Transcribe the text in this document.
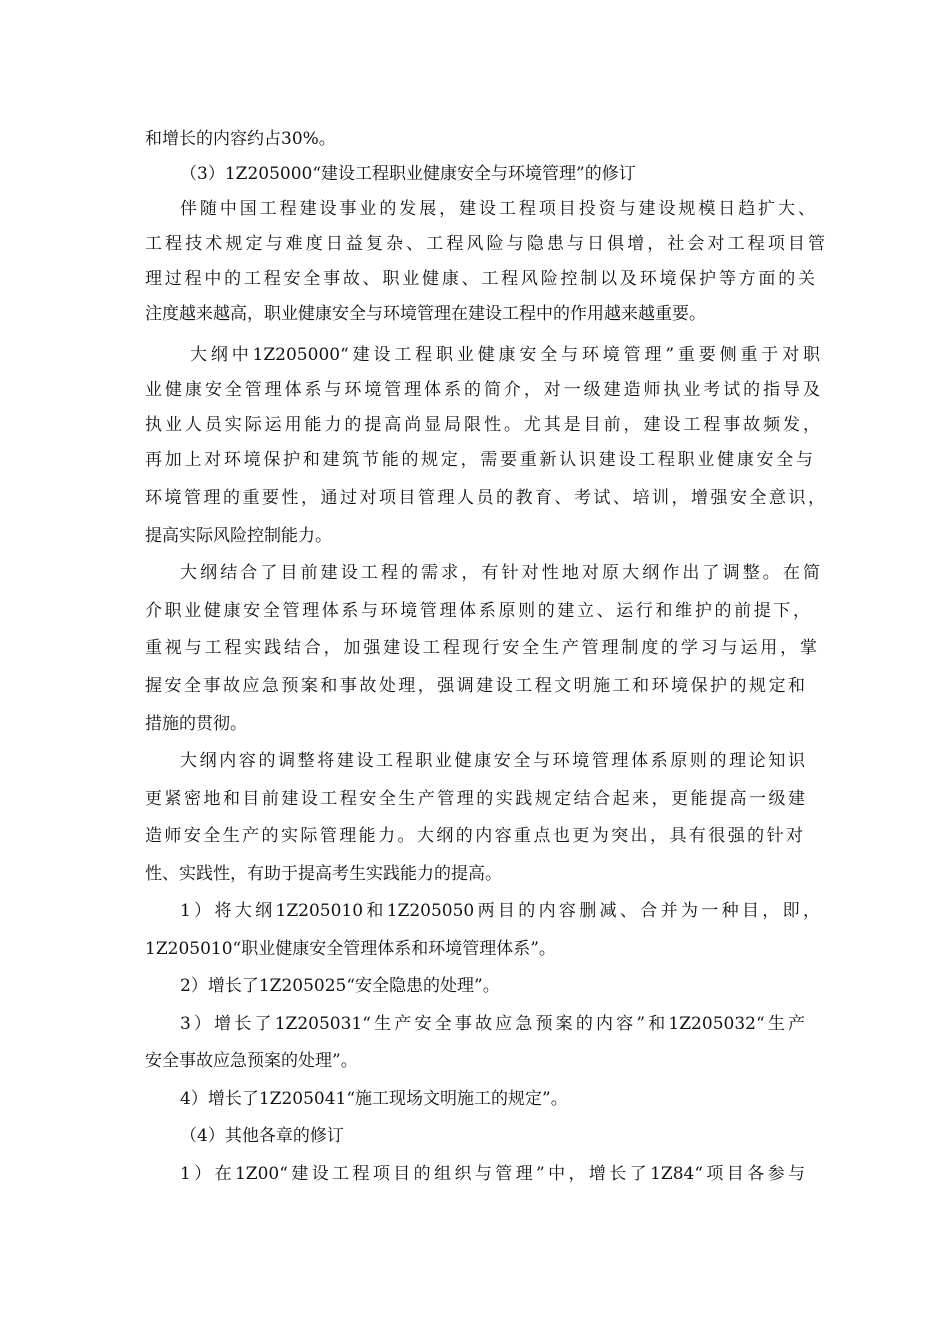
和增长的内容约占30%。
（3）1Z205000“建设工程职业健康安全与环境管理”的修订
伴随中国工程建设事业的发展，建设工程项目投资与建设规模日趋扩大、
工程技术规定与难度日益复杂、工程风险与隐患与日俱增，社会对工程项目管
理过程中的工程安全事故、职业健康、工程风险控制以及环境保护等方面的关
注度越来越高，职业健康安全与环境管理在建设工程中的作用越来越重要。
大纲中1Z205000“建设工程职业健康安全与环境管理”重要侧重于对职
业健康安全管理体系与环境管理体系的简介，对一级建造师执业考试的指导及
执业人员实际运用能力的提高尚显局限性。尤其是目前，建设工程事故频发，
再加上对环境保护和建筑节能的规定，需要重新认识建设工程职业健康安全与
环境管理的重要性，通过对项目管理人员的教育、考试、培训，增强安全意识，
提高实际风险控制能力。
大纲结合了目前建设工程的需求，有针对性地对原大纲作出了调整。在简
介职业健康安全管理体系与环境管理体系原则的建立、运行和维护的前提下，
重视与工程实践结合，加强建设工程现行安全生产管理制度的学习与运用，掌
握安全事故应急预案和事故处理，强调建设工程文明施工和环境保护的规定和
措施的贯彻。
大纲内容的调整将建设工程职业健康安全与环境管理体系原则的理论知识
更紧密地和目前建设工程安全生产管理的实践规定结合起来，更能提高一级建
造师安全生产的实际管理能力。大纲的内容重点也更为突出，具有很强的针对
性、实践性，有助于提高考生实践能力的提高。
1）将大纲1Z205010和1Z205050两目的内容删减、合并为一种目，即，
1Z205010“职业健康安全管理体系和环境管理体系”。
2）增长了1Z205025“安全隐患的处理”。
3）增长了1Z205031“生产安全事故应急预案的内容”和1Z205032“生产
安全事故应急预案的处理”。
4）增长了1Z205041“施工现场文明施工的规定”。
（4）其他各章的修订
1）在1Z00“建设工程项目的组织与管理”中，增长了1Z84“项目各参与
